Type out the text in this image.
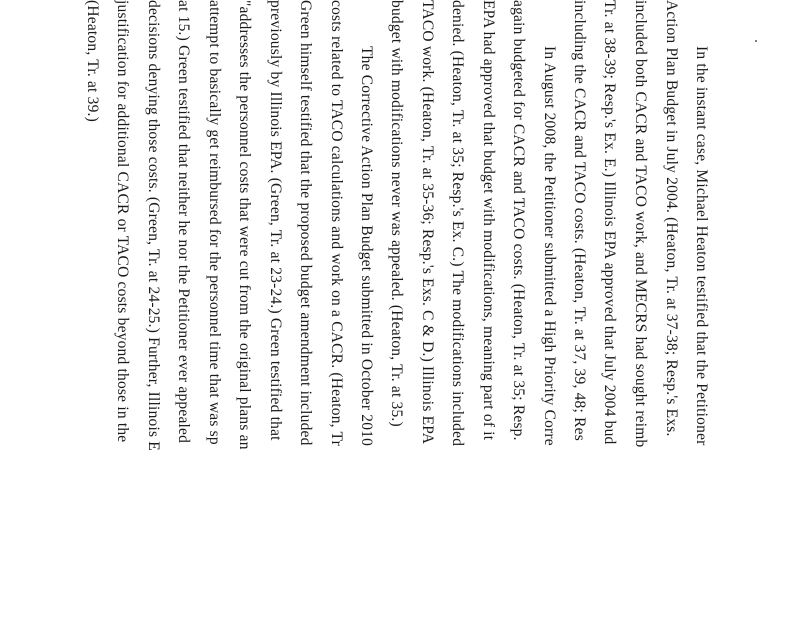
In the instant case, Michael Heaton testified that the Petitioner
Action Plan Budget in July 2004. (Heaton, Tr. at 37-38; Resp.'s Exs.
included both CACR and TACO work, and MECRS had sought reimb
Tr. at 38-39; Resp.'s Ex. E.) Illinois EPA approved that July 2004 bud
including the CACR and TACO costs. (Heaton, Tr. at 37, 39, 48; Res
In August 2008, the Petitioner submitted a High Priority Corre
again budgeted for CACR and TACO costs. (Heaton, Tr. at 35; Resp.
EPA had approved that budget with modifications, meaning part of it
denied. (Heaton, Tr. at 35; Resp.'s Ex. C.) The modifications included
TACO work. (Heaton, Tr. at 35-36; Resp.'s Exs. C & D.) Illinois EPA
budget with modifications never was appealed. (Heaton, Tr. at 35.)
The Corrective Action Plan Budget submitted in October 2010
costs related to TACO calculations and work on a CACR. (Heaton, Tr
Green himself testified that the proposed budget amendment included
previously by Illinois EPA. (Green, Tr. at 23-24.) Green testified that
"addresses the personnel costs that were cut from the original plans an
attempt to basically get reimbursed for the personnel time that was sp
at 15.) Green testified that neither he nor the Petitioner ever appealed
decisions denying those costs. (Green, Tr. at 24-25.) Further, Illinois E
justification for additional CACR or TACO costs beyond those in the
(Heaton, Tr. at 39.)
